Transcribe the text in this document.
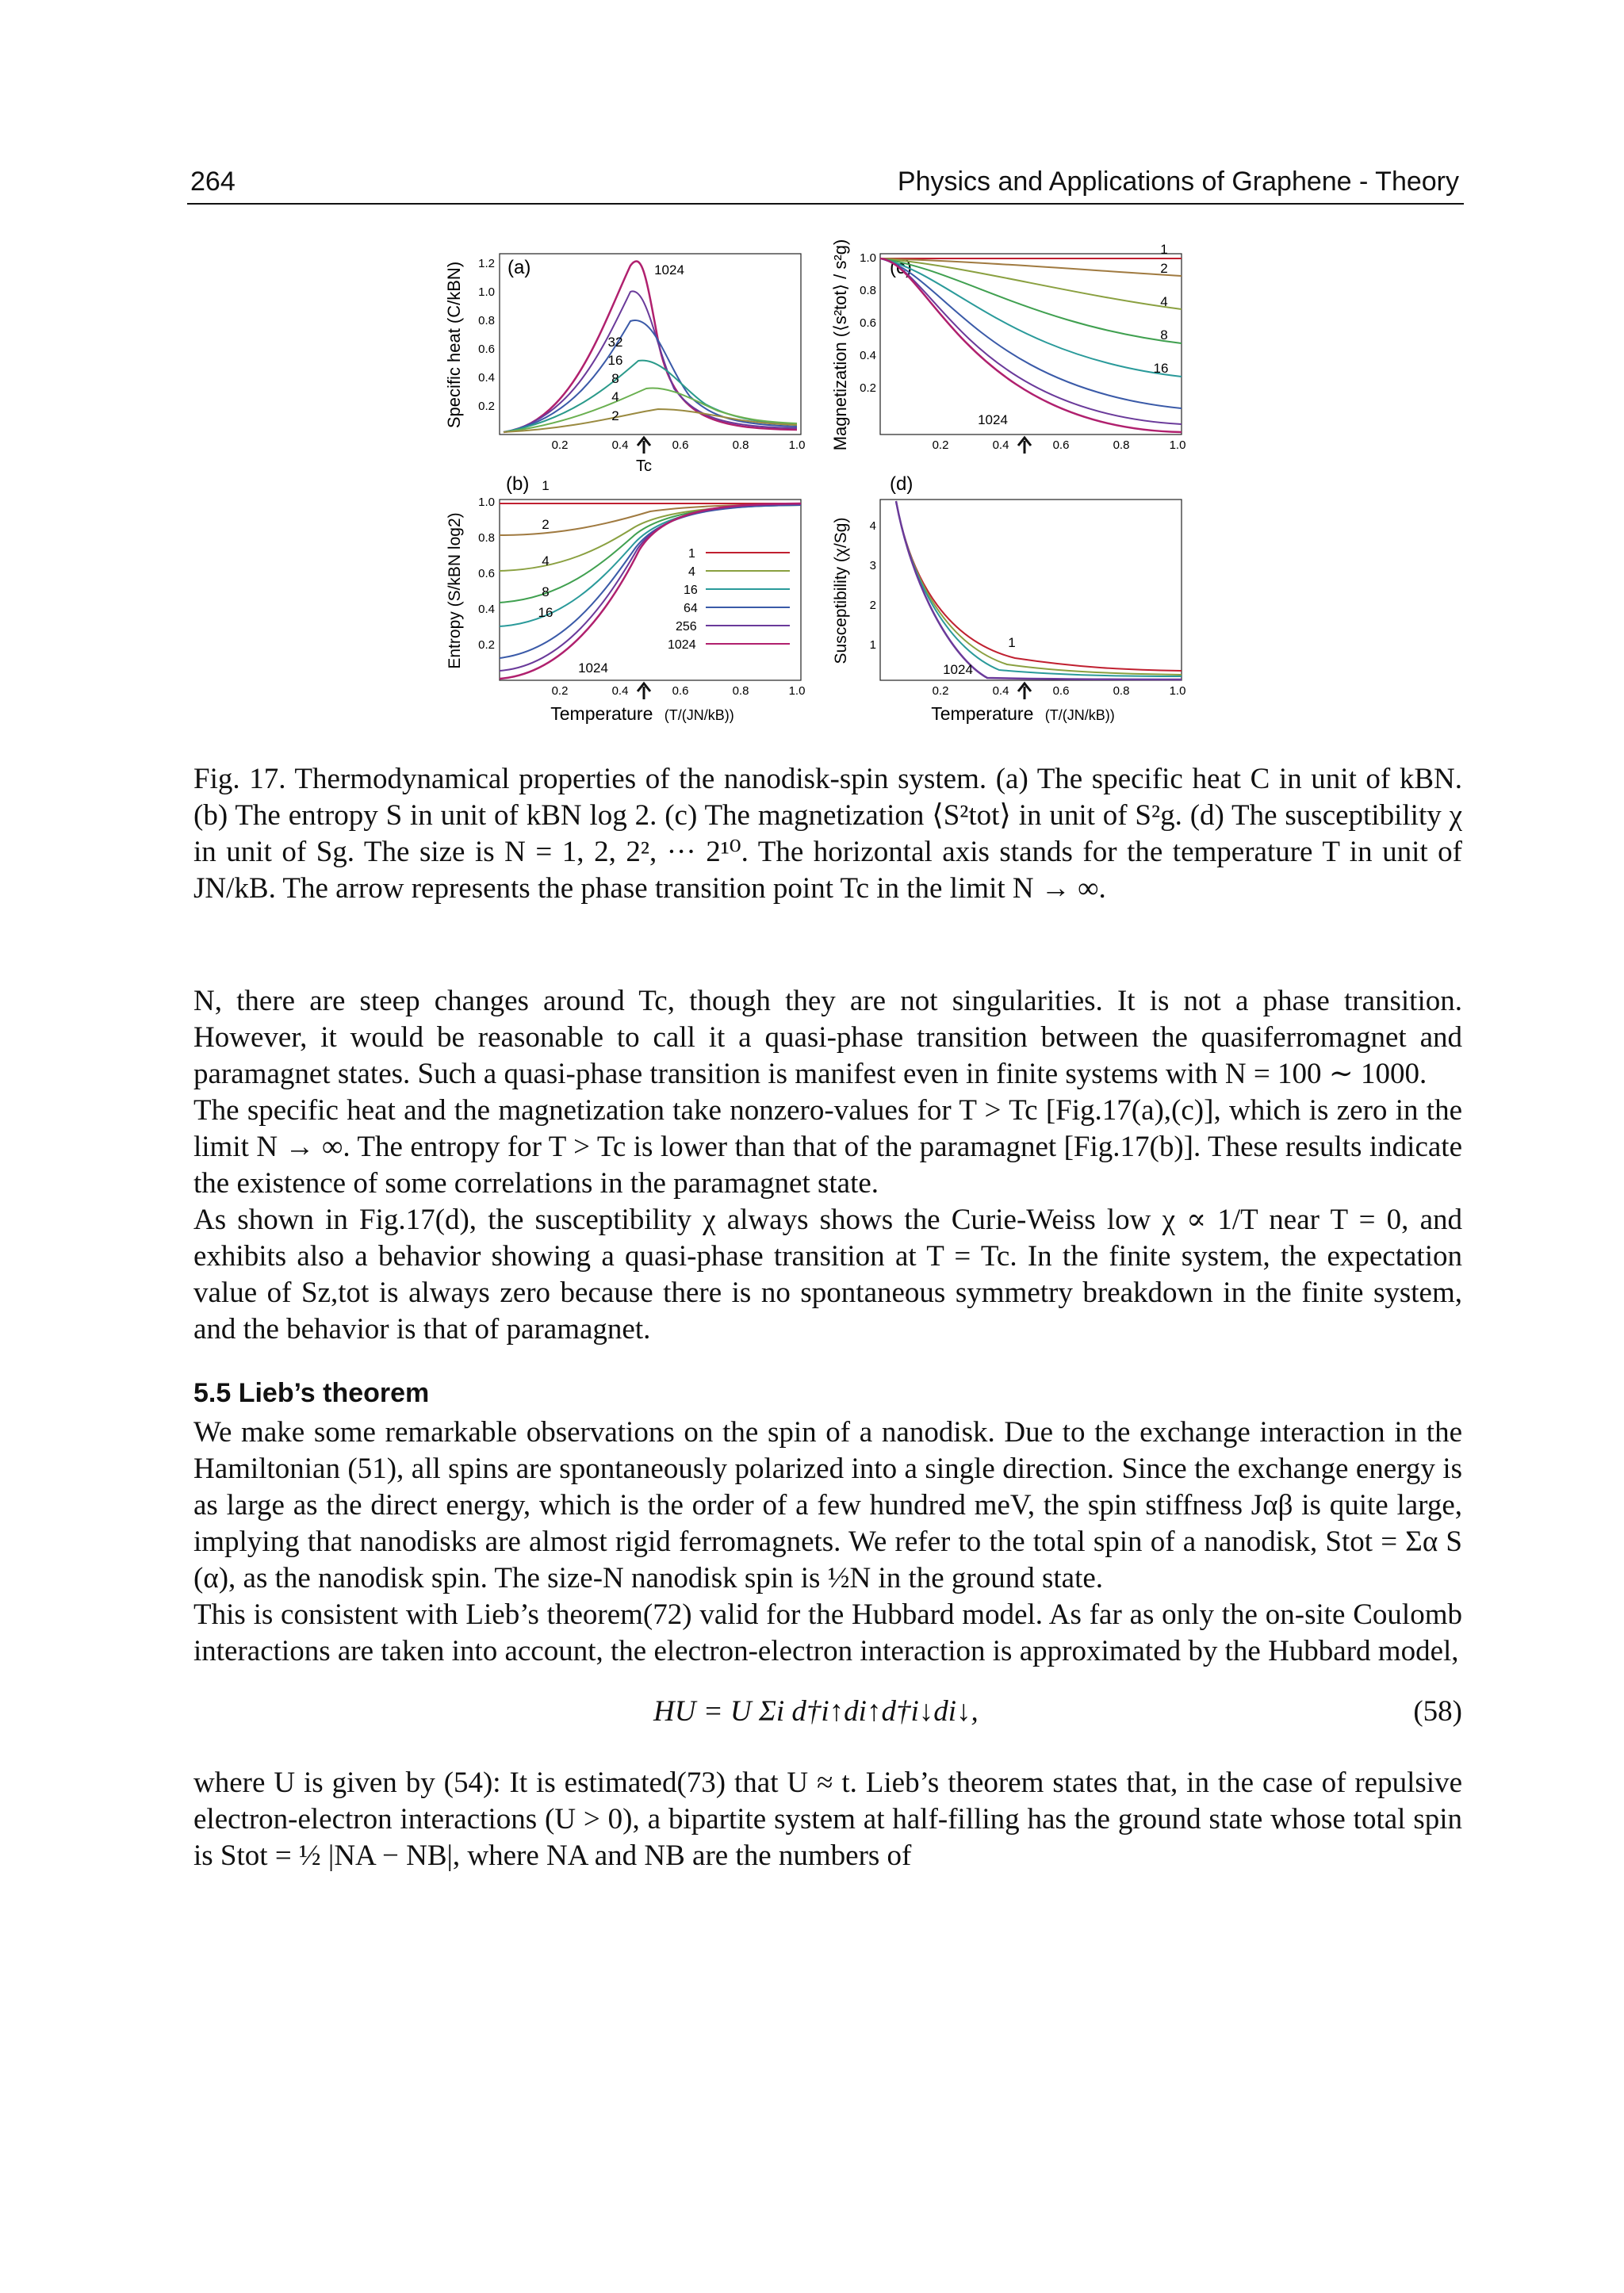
264	Physics and Applications of Graphene - Theory
(a)
Specific heat (C/kBN) 1.2
1.0
0.8
0.6
0.4
0.2
0.2	0.4	0.6	0.8	1.0
1024
32
16
8
4
2
Tc
(c)
Magnetization (⟨s²tot⟩ / s²g) 1.0
0.8
0.6
0.4
0.2
0.2	0.4	0.6	0.8	1.0
1
2
4
8
16
1024
(b)
Entropy (S/kBN log2)
1.0
0.8
0.6
0.4
0.2
0.2	0.4	0.6	0.8	1.0
1
2
4
8
16
1024
1
4
16
64
256
1024
Temperature (T/(JN/kB))
(d)
Susceptibility (χ/Sg) 4
3
2
1
0.2	0.4	0.6	0.8	1.0
1
1024
Temperature (T/(JN/kB))

Fig. 17. Thermodynamical properties of the nanodisk-spin system. (a) The specific heat C in unit of kBN. (b) The entropy S in unit of kBN log 2. (c) The magnetization ⟨S²tot⟩ in unit of S²g. (d) The susceptibility χ in unit of Sg. The size is N = 1, 2, 2², ··· 2¹⁰. The horizontal axis stands for the temperature T in unit of JN/kB. The arrow represents the phase transition point Tc in the limit N → ∞.

N, there are steep changes around Tc, though they are not singularities. It is not a phase transition. However, it would be reasonable to call it a quasi-phase transition between the quasiferromagnet and paramagnet states. Such a quasi-phase transition is manifest even in finite systems with N = 100 ∼ 1000.

The specific heat and the magnetization take nonzero-values for T > Tc [Fig.17(a),(c)], which is zero in the limit N → ∞. The entropy for T > Tc is lower than that of the paramagnet [Fig.17(b)]. These results indicate the existence of some correlations in the paramagnet state.

As shown in Fig.17(d), the susceptibility χ always shows the Curie-Weiss low χ ∝ 1/T near T = 0, and exhibits also a behavior showing a quasi-phase transition at T = Tc. In the finite system, the expectation value of Sz,tot is always zero because there is no spontaneous symmetry breakdown in the finite system, and the behavior is that of paramagnet.

5.5 Lieb’s theorem

We make some remarkable observations on the spin of a nanodisk. Due to the exchange interaction in the Hamiltonian (51), all spins are spontaneously polarized into a single direction. Since the exchange energy is as large as the direct energy, which is the order of a few hundred meV, the spin stiffness Jαβ is quite large, implying that nanodisks are almost rigid ferromagnets. We refer to the total spin of a nanodisk, Stot = Σα S (α), as the nanodisk spin. The size-N nanodisk spin is ½N in the ground state.

This is consistent with Lieb’s theorem(72) valid for the Hubbard model. As far as only the on-site Coulomb interactions are taken into account, the electron-electron interaction is approximated by the Hubbard model,

HU = U Σi d†i↑di↑d†i↓di↓,	(58)

where U is given by (54): It is estimated(73) that U ≈ t. Lieb’s theorem states that, in the case of repulsive electron-electron interactions (U > 0), a bipartite system at half-filling has the ground state whose total spin is Stot = ½ |NA − NB|, where NA and NB are the numbers of
